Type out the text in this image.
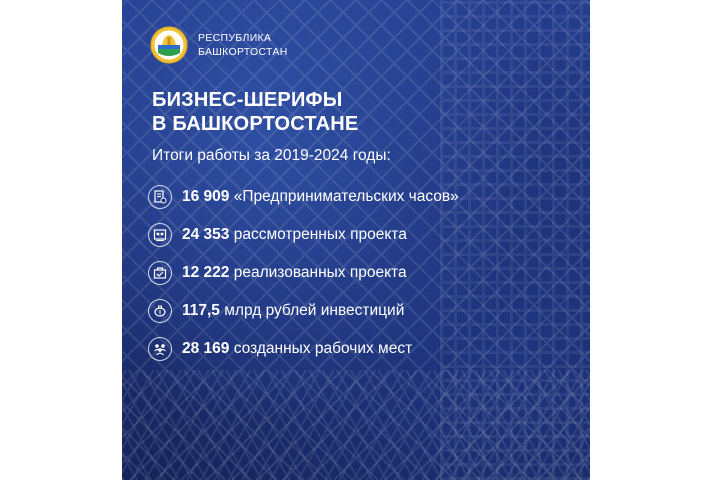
РЕСПУБЛИКА
БАШКОРТОСТАН
БИЗНЕС-ШЕРИФЫ
В БАШКОРТОСТАНЕ
Итоги работы за 2019-2024 годы:
16 909 «Предпринимательских часов»
24 353 рассмотренных проекта
12 222 реализованных проекта
117,5 млрд рублей инвестиций
28 169 созданных рабочих мест
